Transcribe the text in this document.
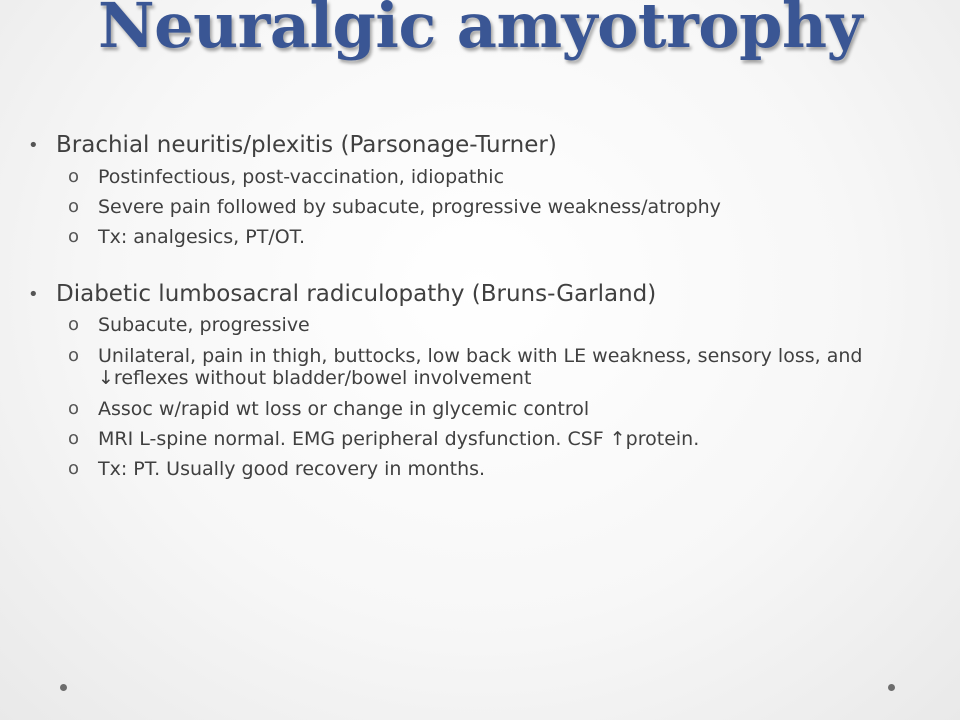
Neuralgic amyotrophy
• Brachial neuritis/plexitis (Parsonage-Turner)
o Postinfectious, post-vaccination, idiopathic
o Severe pain followed by subacute, progressive weakness/atrophy
o Tx: analgesics, PT/OT.
• Diabetic lumbosacral radiculopathy (Bruns-Garland)
o Subacute, progressive
o Unilateral, pain in thigh, buttocks, low back with LE weakness, sensory loss, and ↓reflexes without bladder/bowel involvement
o Assoc w/rapid wt loss or change in glycemic control
o MRI L-spine normal. EMG peripheral dysfunction. CSF ↑protein.
o Tx: PT. Usually good recovery in months.
